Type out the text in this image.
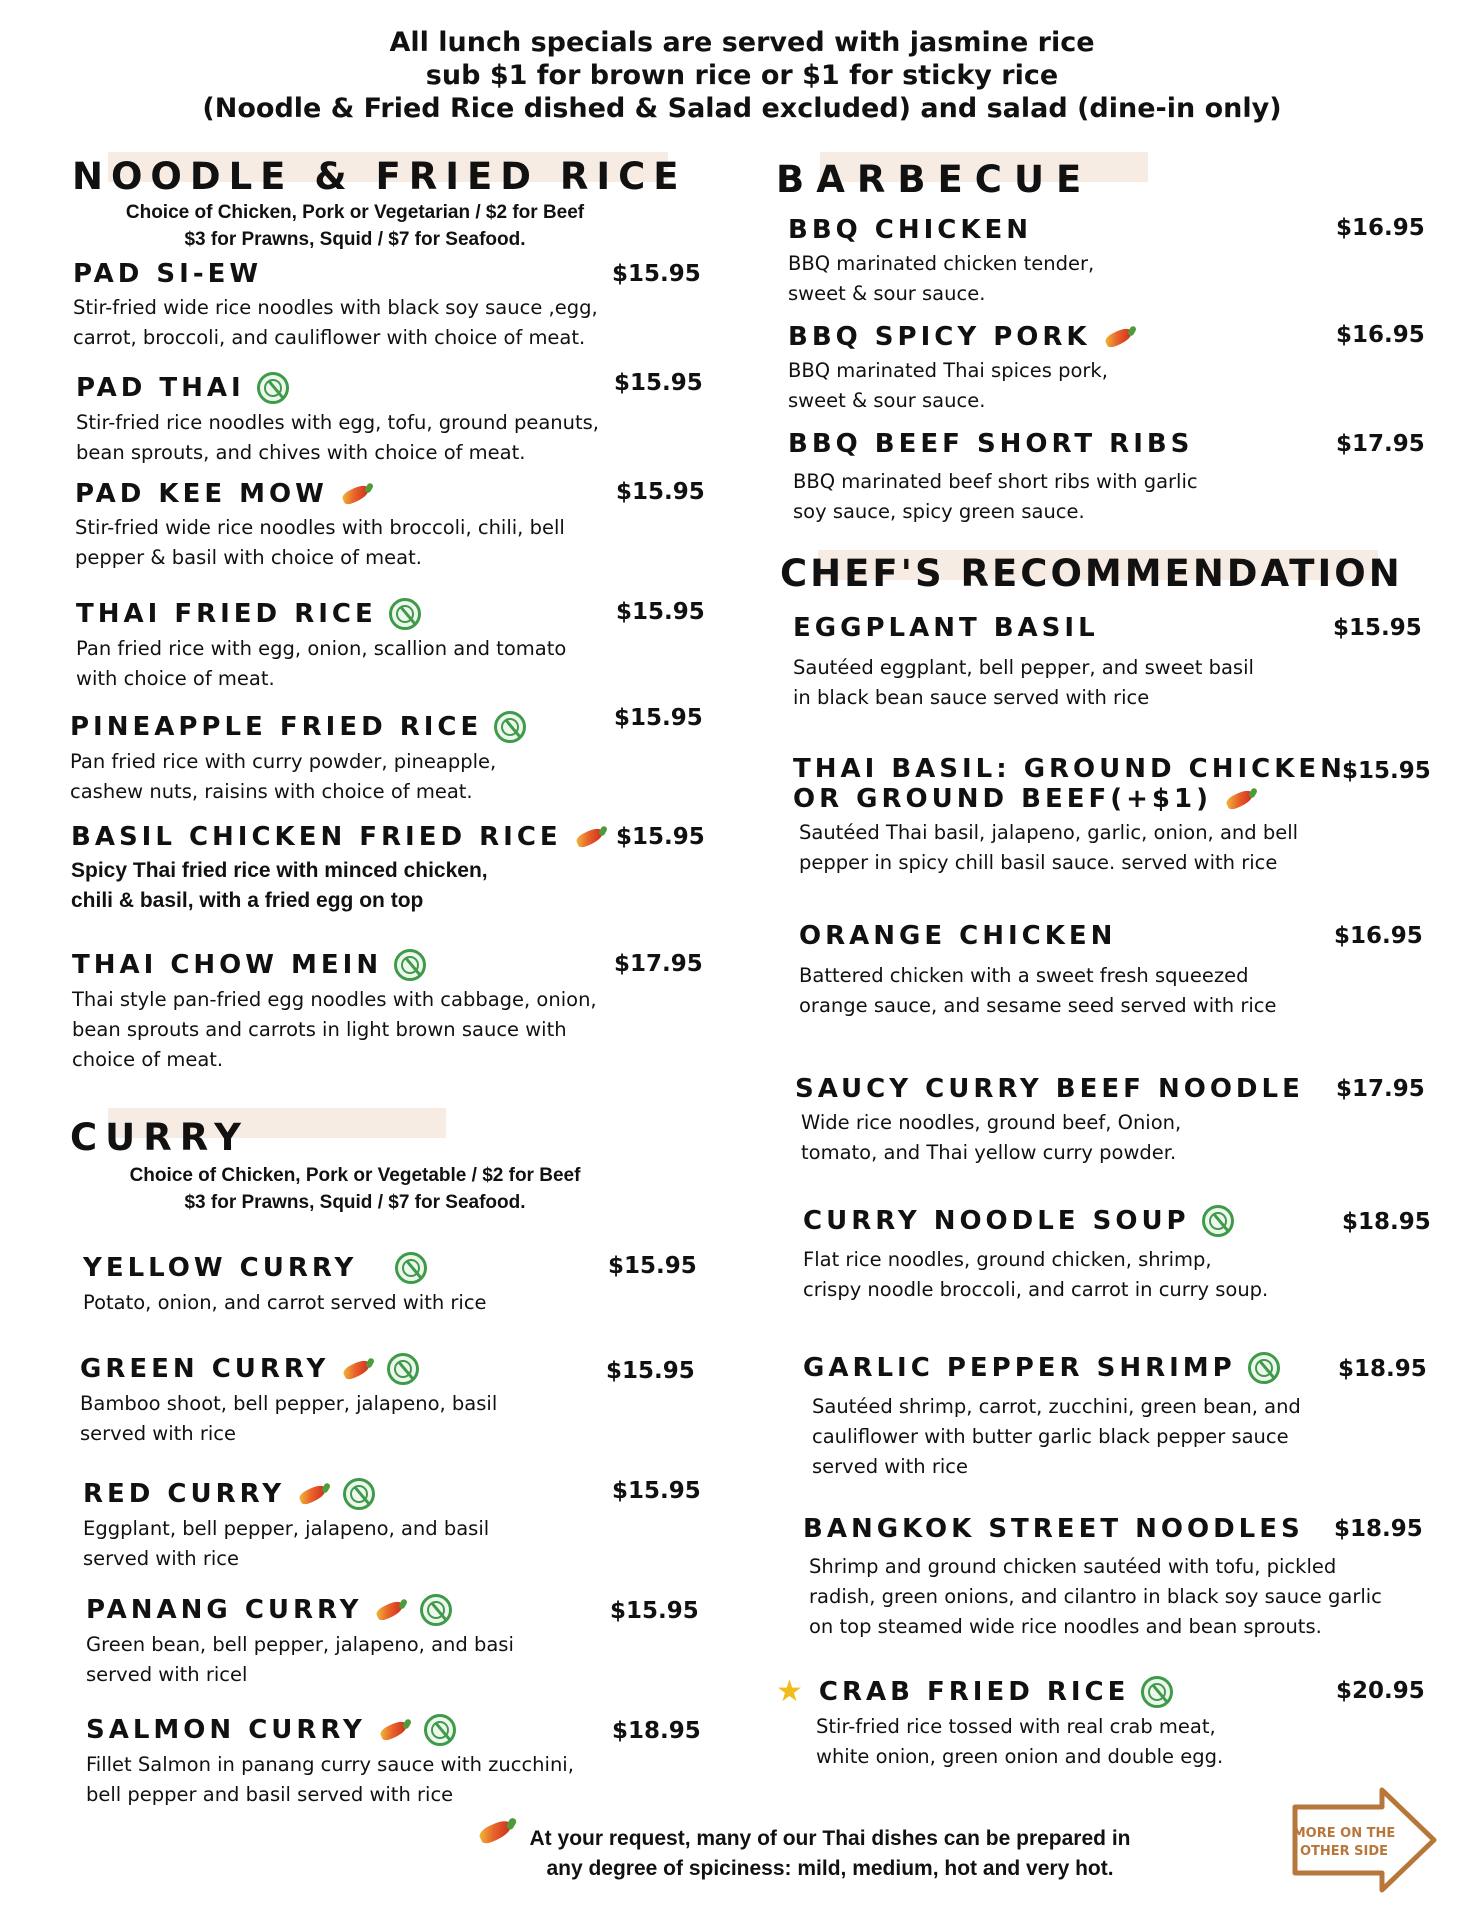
All lunch specials are served with jasmine rice
sub $1 for brown rice or $1 for sticky rice
(Noodle & Fried Rice dished & Salad excluded) and salad (dine-in only)
NOODLE & FRIED RICE
Choice of Chicken, Pork or Vegetarian / $2 for Beef
$3 for Prawns, Squid / $7 for Seafood.
PAD SI-EW
Stir-fried wide rice noodles with black soy sauce ,egg,
carrot, broccoli, and cauliflower with choice of meat.
$15.95
PAD THAI
Stir-fried rice noodles with egg, tofu, ground peanuts,
bean sprouts, and chives with choice of meat.
$15.95
PAD KEE MOW
Stir-fried wide rice noodles with broccoli, chili, bell
pepper & basil with choice of meat.
$15.95
THAI FRIED RICE
Pan fried rice with egg, onion, scallion and tomato
with choice of meat.
$15.95
PINEAPPLE FRIED RICE
Pan fried rice with curry powder, pineapple,
cashew nuts, raisins with choice of meat.
$15.95
BASIL CHICKEN FRIED RICE
Spicy Thai fried rice with minced chicken,
chili & basil, with a fried egg on top
$15.95
THAI CHOW MEIN
Thai style pan-fried egg noodles with cabbage, onion,
bean sprouts and carrots in light brown sauce with
choice of meat.
$17.95
CURRY
Choice of Chicken, Pork or Vegetable / $2 for Beef
$3 for Prawns, Squid / $7 for Seafood.
YELLOW CURRY
Potato, onion, and carrot served with rice
$15.95
GREEN CURRY
Bamboo shoot, bell pepper, jalapeno, basil
served with rice
$15.95
RED CURRY
Eggplant, bell pepper, jalapeno, and basil
served with rice
$15.95
PANANG CURRY
Green bean, bell pepper, jalapeno, and basi
served with ricel
$15.95
SALMON CURRY
Fillet Salmon in panang curry sauce with zucchini,
bell pepper and basil served with rice
$18.95
BARBECUE
BBQ CHICKEN
BBQ marinated chicken tender,
sweet & sour sauce.
$16.95
BBQ SPICY PORK
BBQ marinated Thai spices pork,
sweet & sour sauce.
$16.95
BBQ BEEF SHORT RIBS
BBQ marinated beef short ribs with garlic
soy sauce, spicy green sauce.
$17.95
CHEF'S RECOMMENDATION
EGGPLANT BASIL
Sautéed eggplant, bell pepper, and sweet basil
in black bean sauce served with rice
$15.95
THAI BASIL: GROUND CHICKEN
OR GROUND BEEF(+$1)
Sautéed Thai basil, jalapeno, garlic, onion, and bell
pepper in spicy chill basil sauce. served with rice
$15.95
ORANGE CHICKEN
Battered chicken with a sweet fresh squeezed
orange sauce, and sesame seed served with rice
$16.95
SAUCY CURRY BEEF NOODLE
Wide rice noodles, ground beef, Onion,
tomato, and Thai yellow curry powder.
$17.95
CURRY NOODLE SOUP
Flat rice noodles, ground chicken, shrimp,
crispy noodle broccoli, and carrot in curry soup.
$18.95
GARLIC PEPPER SHRIMP
Sautéed shrimp, carrot, zucchini, green bean, and
cauliflower with butter garlic black pepper sauce
served with rice
$18.95
BANGKOK STREET NOODLES
Shrimp and ground chicken sautéed with tofu, pickled
radish, green onions, and cilantro in black soy sauce garlic
on top steamed wide rice noodles and bean sprouts.
$18.95
★ CRAB FRIED RICE
Stir-fried rice tossed with real crab meat,
white onion, green onion and double egg.
$20.95
At your request, many of our Thai dishes can be prepared in
any degree of spiciness: mild, medium, hot and very hot.
MORE ON THE
OTHER SIDE
